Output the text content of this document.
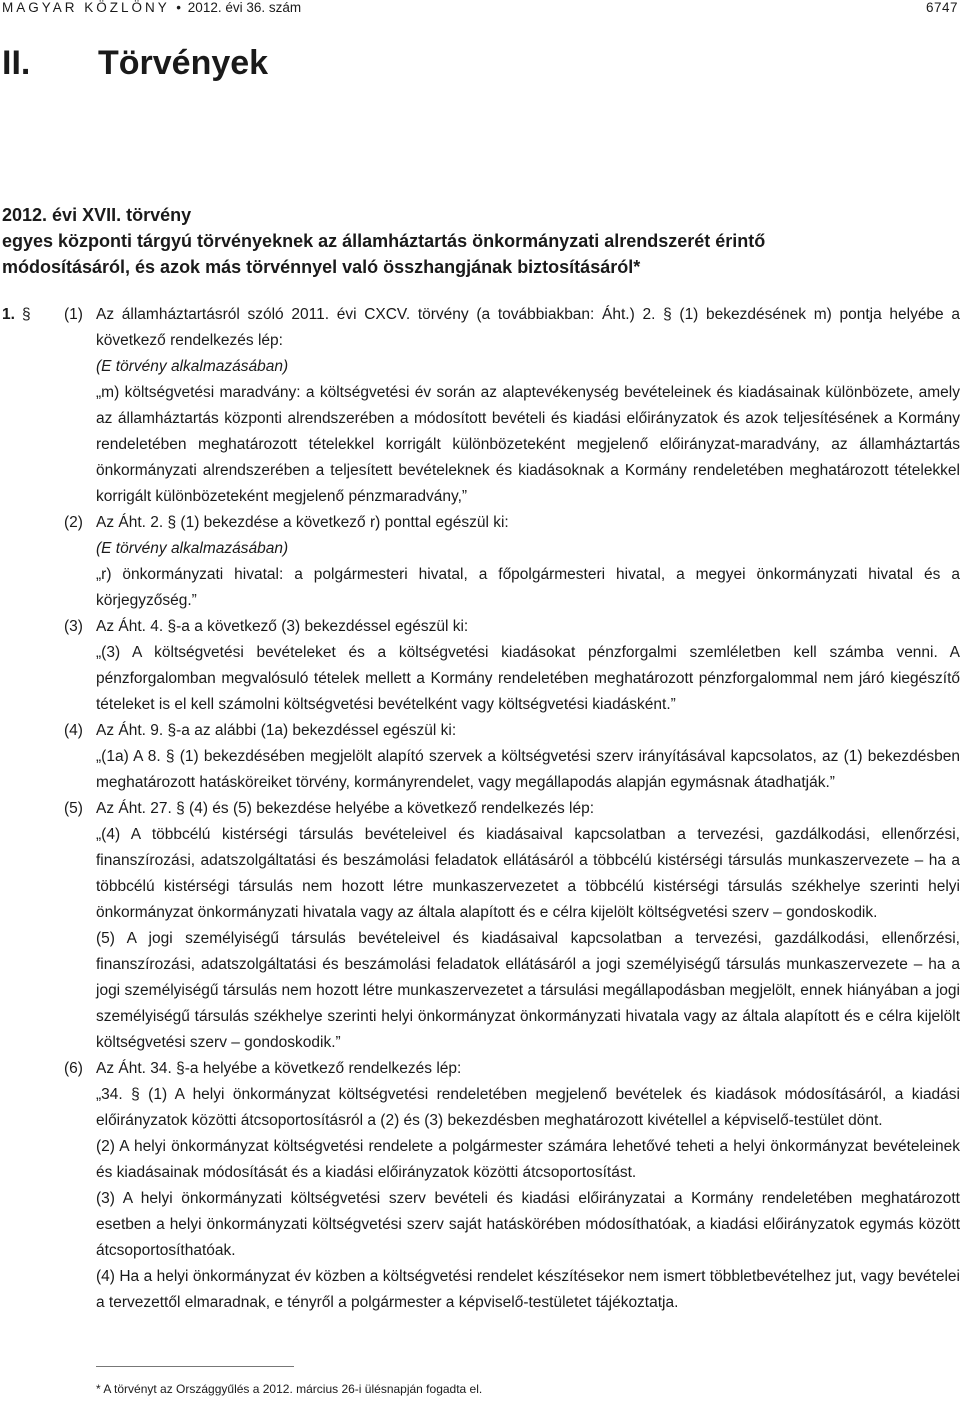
MAGYAR KÖZLÖNY • 2012. évi 36. szám	6747
II. Törvények
2012. évi XVII. törvény
egyes központi tárgyú törvényeknek az államháztartás önkormányzati alrendszerét érintő
módosításáról, és azok más törvénnyel való összhangjának biztosításáról*
1. § (1) Az államháztartásról szóló 2011. évi CXCV. törvény (a továbbiakban: Áht.) 2. § (1) bekezdésének m) pontja helyébe a következő rendelkezés lép:
(E törvény alkalmazásában)
„m) költségvetési maradvány: a költségvetési év során az alaptevékenység bevételeinek és kiadásainak különbözete, amely az államháztartás központi alrendszerében a módosított bevételi és kiadási előirányzatok és azok teljesítésének a Kormány rendeletében meghatározott tételekkel korrigált különbözeteként megjelenő előirányzat-maradvány, az államháztartás önkormányzati alrendszerében a teljesített bevételeknek és kiadásoknak a Kormány rendeletében meghatározott tételekkel korrigált különbözeteként megjelenő pénzmaradvány,”
(2) Az Áht. 2. § (1) bekezdése a következő r) ponttal egészül ki:
(E törvény alkalmazásában)
„r) önkormányzati hivatal: a polgármesteri hivatal, a főpolgármesteri hivatal, a megyei önkormányzati hivatal és a körjegyzőség.”
(3) Az Áht. 4. §-a a következő (3) bekezdéssel egészül ki:
„(3) A költségvetési bevételeket és a költségvetési kiadásokat pénzforgalmi szemléletben kell számba venni. A pénzforgalomban megvalósuló tételek mellett a Kormány rendeletében meghatározott pénzforgalommal nem járó kiegészítő tételeket is el kell számolni költségvetési bevételként vagy költségvetési kiadásként.”
(4) Az Áht. 9. §-a az alábbi (1a) bekezdéssel egészül ki:
„(1a) A 8. § (1) bekezdésében megjelölt alapító szervek a költségvetési szerv irányításával kapcsolatos, az (1) bekezdésben meghatározott hatásköreiket törvény, kormányrendelet, vagy megállapodás alapján egymásnak átadhatják.”
(5) Az Áht. 27. § (4) és (5) bekezdése helyébe a következő rendelkezés lép:
„(4) A többcélú kistérségi társulás bevételeivel és kiadásaival kapcsolatban a tervezési, gazdálkodási, ellenőrzési, finanszírozási, adatszolgáltatási és beszámolási feladatok ellátásáról a többcélú kistérségi társulás munkaszervezete – ha a többcélú kistérségi társulás nem hozott létre munkaszervezetet a többcélú kistérségi társulás székhelye szerinti helyi önkormányzat önkormányzati hivatala vagy az általa alapított és e célra kijelölt költségvetési szerv – gondoskodik.
(5) A jogi személyiségű társulás bevételeivel és kiadásaival kapcsolatban a tervezési, gazdálkodási, ellenőrzési, finanszírozási, adatszolgáltatási és beszámolási feladatok ellátásáról a jogi személyiségű társulás munkaszervezete – ha a jogi személyiségű társulás nem hozott létre munkaszervezetet a társulási megállapodásban megjelölt, ennek hiányában a jogi személyiségű társulás székhelye szerinti helyi önkormányzat önkormányzati hivatala vagy az általa alapított és e célra kijelölt költségvetési szerv – gondoskodik.”
(6) Az Áht. 34. §-a helyébe a következő rendelkezés lép:
„34. § (1) A helyi önkormányzat költségvetési rendeletében megjelenő bevételek és kiadások módosításáról, a kiadási előirányzatok közötti átcsoportosításról a (2) és (3) bekezdésben meghatározott kivétellel a képviselő-testület dönt.
(2) A helyi önkormányzat költségvetési rendelete a polgármester számára lehetővé teheti a helyi önkormányzat bevételeinek és kiadásainak módosítását és a kiadási előirányzatok közötti átcsoportosítást.
(3) A helyi önkormányzati költségvetési szerv bevételi és kiadási előirányzatai a Kormány rendeletében meghatározott esetben a helyi önkormányzati költségvetési szerv saját hatáskörében módosíthatóak, a kiadási előirányzatok egymás között átcsoportosíthatóak.
(4) Ha a helyi önkormányzat év közben a költségvetési rendelet készítésekor nem ismert többletbevételhez jut, vagy bevételei a tervezettől elmaradnak, e tényről a polgármester a képviselő-testületet tájékoztatja.
* A törvényt az Országgyűlés a 2012. március 26-i ülésnapján fogadta el.
